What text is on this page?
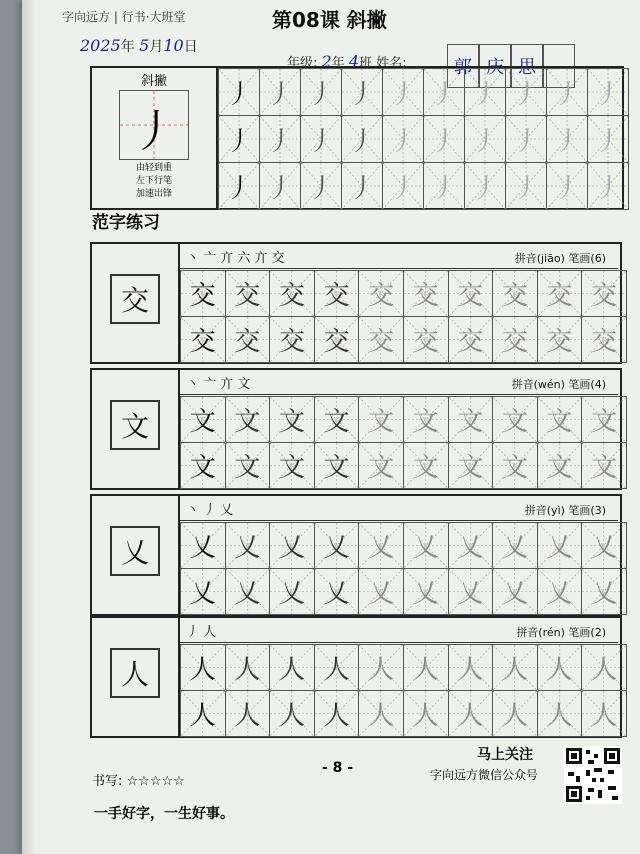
字向远方 | 行书·大班堂	第08课 斜撇
2025年 5月10日
年级: 2年 4班 姓名:	郭 庆 思
斜撇
丿
由轻到重
左下行笔
加速出锋
丿	丿	丿	丿	丿	丿	丿	丿	丿	丿

丿	丿	丿	丿	丿	丿	丿	丿	丿	丿

丿	丿	丿	丿	丿	丿	丿	丿	丿	丿
范字练习
交
丶 亠 亣 六 亣 交	拼音(jiāo) 笔画(6)
交	交	交	交	交	交	交	交	交	交

交	交	交	交	交	交	交	交	交	交
文
丶 亠 亣 文	拼音(wén) 笔画(4)
文	文	文	文	文	文	文	文	文	文

文	文	文	文	文	文	文	文	文	文
乂
丶 丿 乂	拼音(yì) 笔画(3)
乂	乂	乂	乂	乂	乂	乂	乂	乂	乂

乂	乂	乂	乂	乂	乂	乂	乂	乂	乂
人
丿 人	拼音(rén) 笔画(2)
人	人	人	人	人	人	人	人	人	人

人	人	人	人	人	人	人	人	人	人
书写: ☆☆☆☆☆
- 8 -
马上关注
字向远方微信公众号
一手好字，一生好事。
